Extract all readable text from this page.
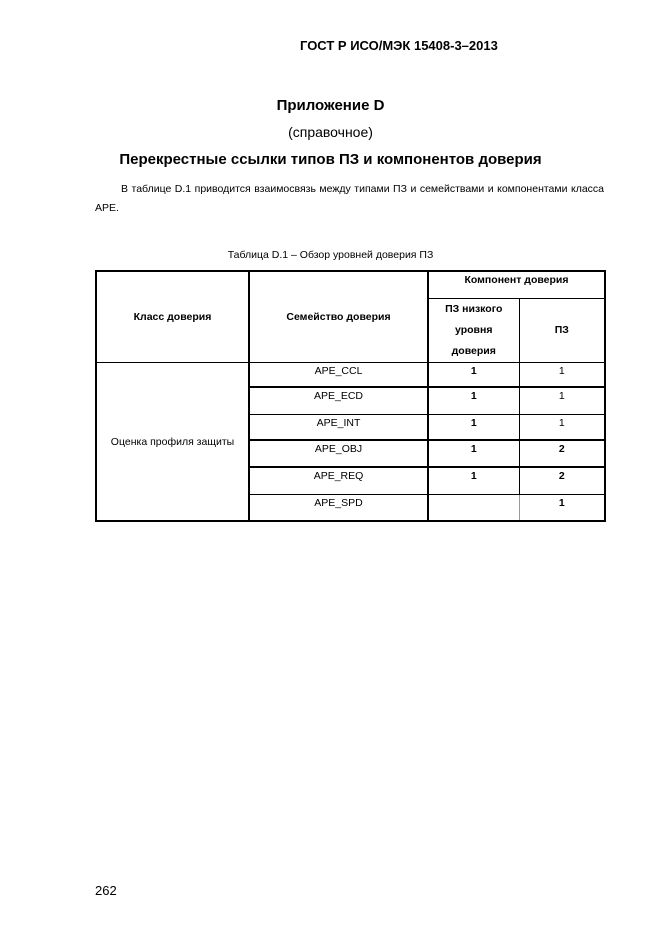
ГОСТ Р ИСО/МЭК 15408-3–2013
Приложение D
(справочное)
Перекрестные ссылки типов ПЗ и компонентов доверия
В таблице D.1 приводится взаимосвязь между типами ПЗ и семействами и компонентами класса APE.
Таблица D.1 – Обзор уровней доверия ПЗ
Класс доверия	Семейство доверия	Компонент доверия	
		ПЗ низкого уровня доверия	ПЗ
Оценка профиля защиты	APE_CCL	1	1
	APE_ECD	1	1
	APE_INT	1	1
	APE_OBJ	1	2
	APE_REQ	1	2
	APE_SPD		1
262
